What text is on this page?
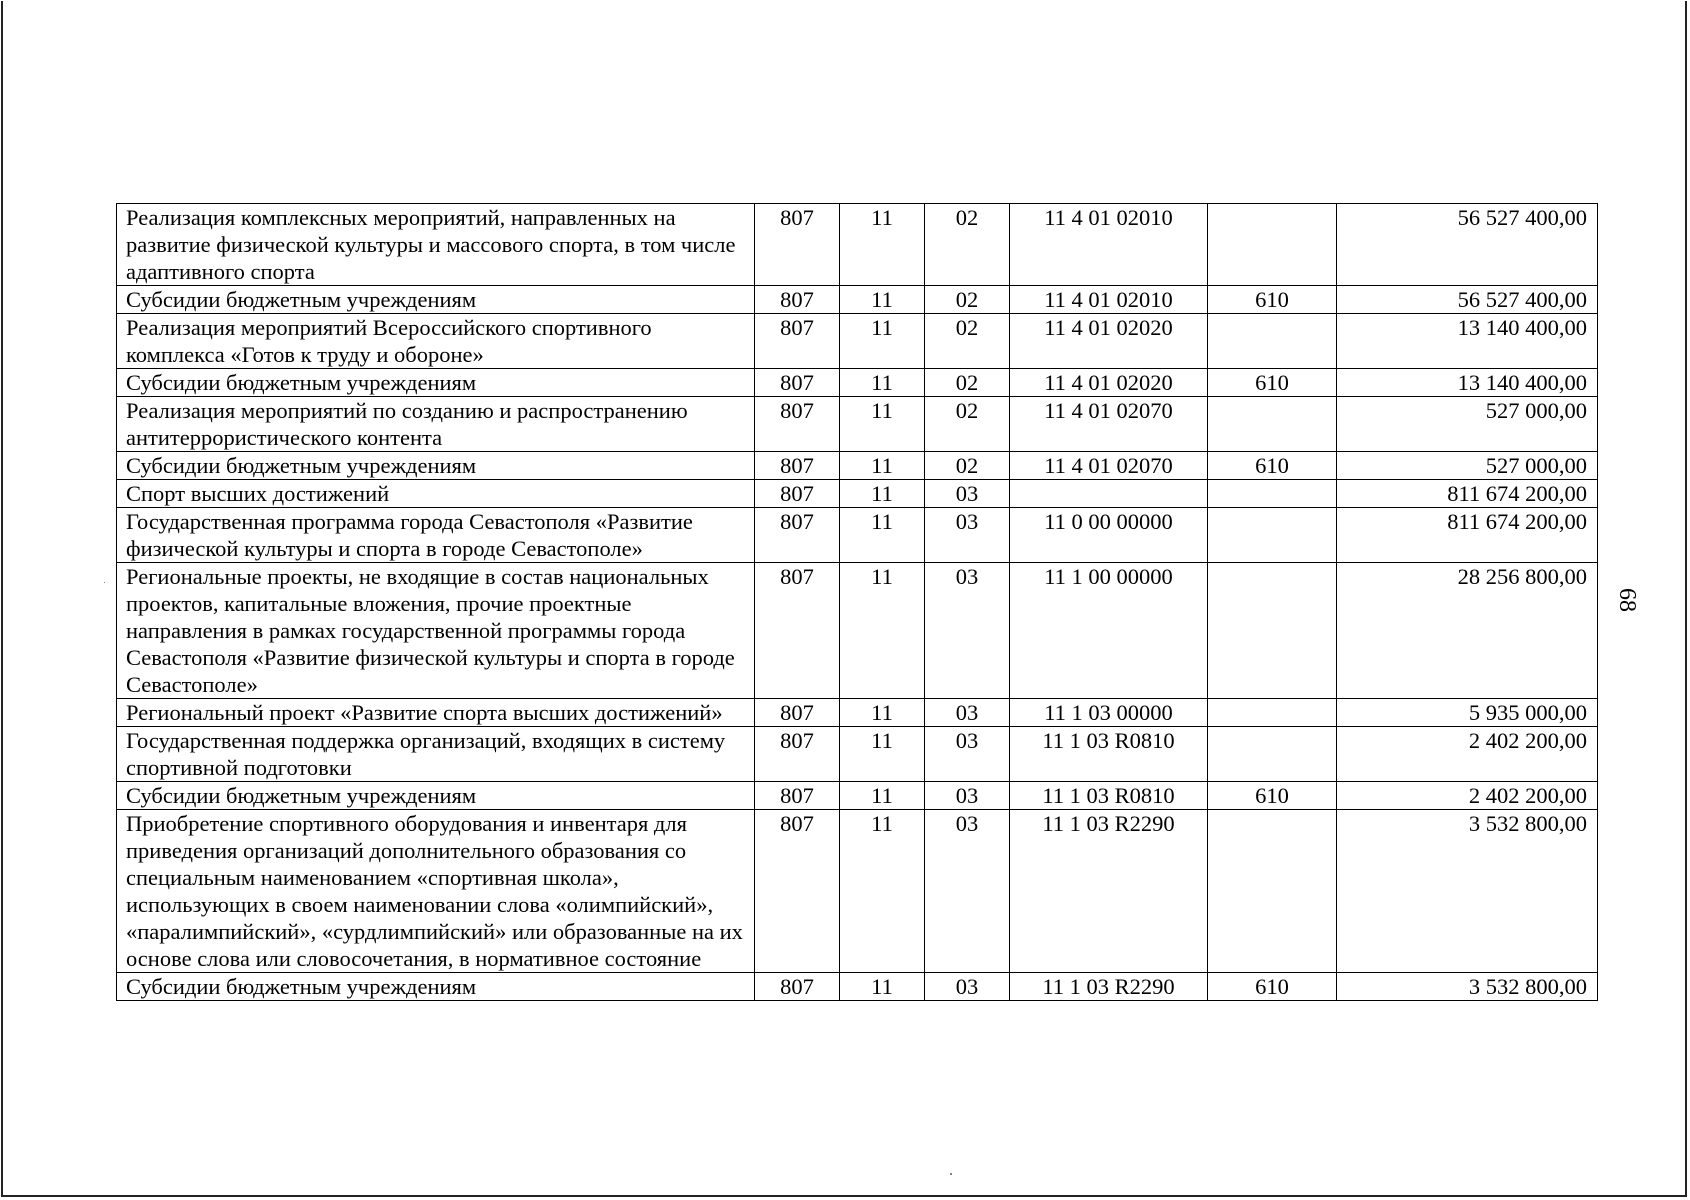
Реализация комплексных мероприятий, направленных на развитие физической культуры и массового спорта, в том числе адаптивного спорта	807	11	02	11 4 01 02010		56 527 400,00
Субсидии бюджетным учреждениям	807	11	02	11 4 01 02010	610	56 527 400,00
Реализация мероприятий Всероссийского спортивного комплекса «Готов к труду и обороне»	807	11	02	11 4 01 02020		13 140 400,00
Субсидии бюджетным учреждениям	807	11	02	11 4 01 02020	610	13 140 400,00
Реализация мероприятий по созданию и распространению антитеррористического контента	807	11	02	11 4 01 02070		527 000,00
Субсидии бюджетным учреждениям	807	11	02	11 4 01 02070	610	527 000,00
Спорт высших достижений	807	11	03			811 674 200,00
Государственная программа города Севастополя «Развитие физической культуры и спорта в городе Севастополе»	807	11	03	11 0 00 00000		811 674 200,00
Региональные проекты, не входящие в состав национальных проектов, капитальные вложения, прочие проектные направления в рамках государственной программы города Севастополя «Развитие физической культуры и спорта в городе Севастополе»	807	11	03	11 1 00 00000		28 256 800,00
Региональный проект «Развитие спорта высших достижений»	807	11	03	11 1 03 00000		5 935 000,00
Государственная поддержка организаций, входящих в систему спортивной подготовки	807	11	03	11 1 03 R0810		2 402 200,00
Субсидии бюджетным учреждениям	807	11	03	11 1 03 R0810	610	2 402 200,00
Приобретение спортивного оборудования и инвентаря для приведения организаций дополнительного образования со специальным наименованием «спортивная школа», использующих в своем наименовании слова «олимпийский», «паралимпийский», «сурдлимпийский» или образованные на их основе слова или словосочетания, в нормативное состояние	807	11	03	11 1 03 R2290		3 532 800,00
Субсидии бюджетным учреждениям	807	11	03	11 1 03 R2290	610	3 532 800,00
68
